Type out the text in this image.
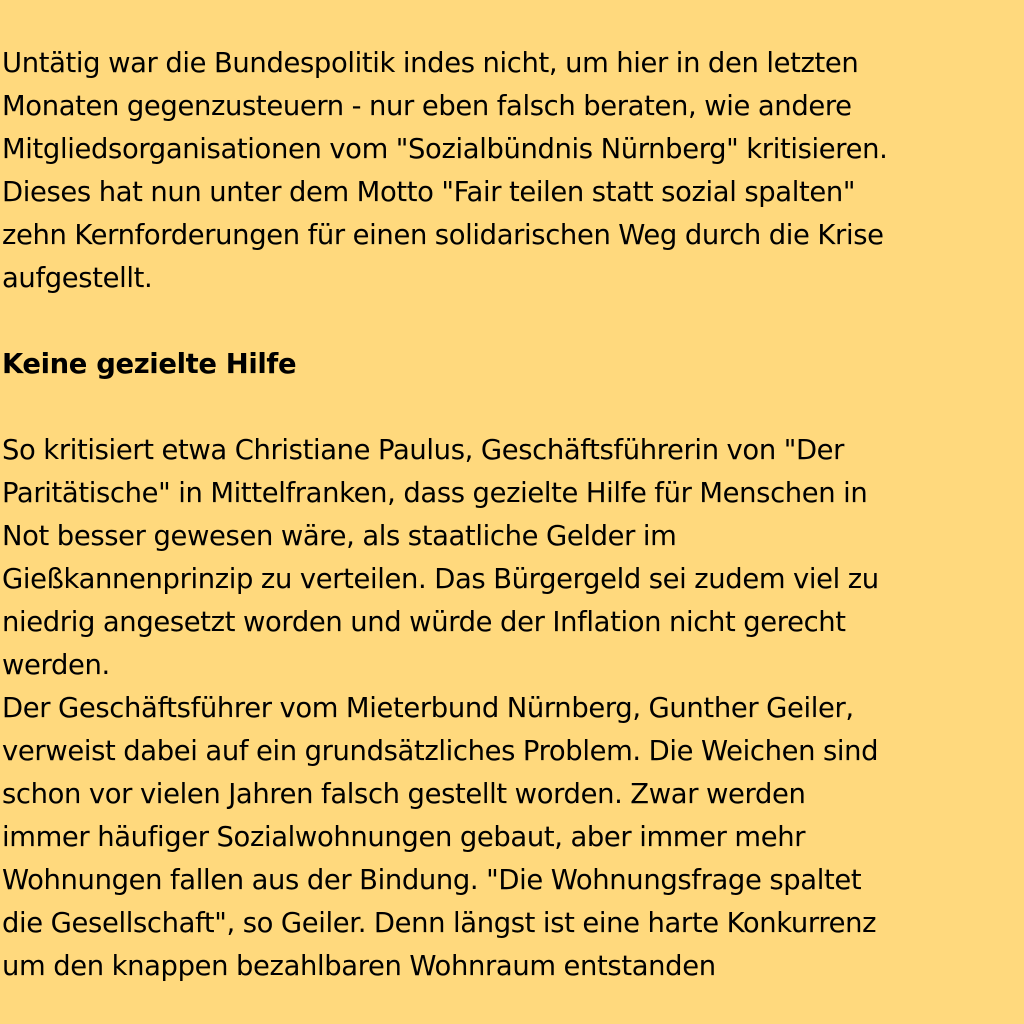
Untätig war die Bundespolitik indes nicht, um hier in den letzten
Monaten gegenzusteuern - nur eben falsch beraten, wie andere
Mitgliedsorganisationen vom "Sozialbündnis Nürnberg" kritisieren.
Dieses hat nun unter dem Motto "Fair teilen statt sozial spalten"
zehn Kernforderungen für einen solidarischen Weg durch die Krise
aufgestellt.
Keine gezielte Hilfe
So kritisiert etwa Christiane Paulus, Geschäftsführerin von "Der
Paritätische" in Mittelfranken, dass gezielte Hilfe für Menschen in
Not besser gewesen wäre, als staatliche Gelder im
Gießkannenprinzip zu verteilen. Das Bürgergeld sei zudem viel zu
niedrig angesetzt worden und würde der Inflation nicht gerecht
werden.
Der Geschäftsführer vom Mieterbund Nürnberg, Gunther Geiler,
verweist dabei auf ein grundsätzliches Problem. Die Weichen sind
schon vor vielen Jahren falsch gestellt worden. Zwar werden
immer häufiger Sozialwohnungen gebaut, aber immer mehr
Wohnungen fallen aus der Bindung. "Die Wohnungsfrage spaltet
die Gesellschaft", so Geiler. Denn längst ist eine harte Konkurrenz
um den knappen bezahlbaren Wohnraum entstanden
